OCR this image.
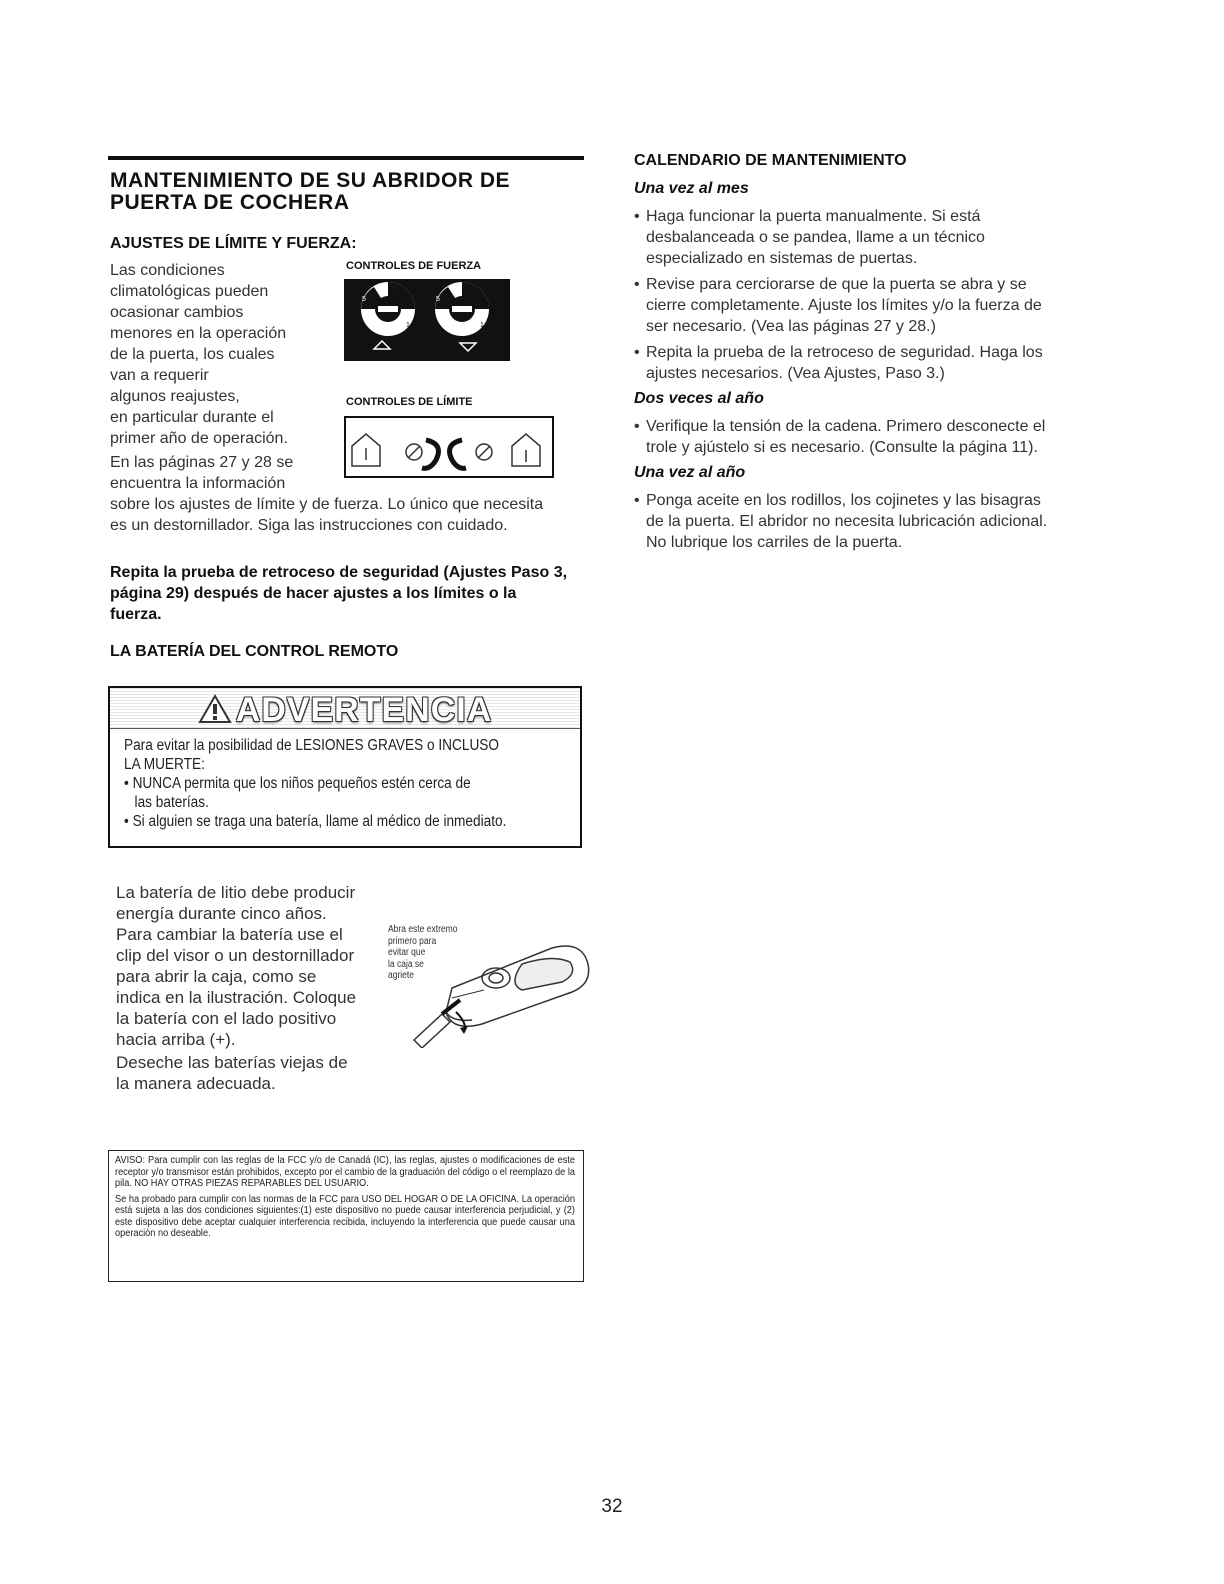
MANTENIMIENTO DE SU ABRIDOR DE PUERTA DE COCHERA
AJUSTES DE LÍMITE Y FUERZA:
Las condiciones
climatológicas pueden
ocasionar cambios
menores en la operación
de la puerta, los cuales
van a requerir
algunos reajustes,
en particular durante el
primer año de operación.
En las páginas 27 y 28 se
encuentra la información
sobre los ajustes de límite y de fuerza. Lo único que necesita es un destornillador. Siga las instrucciones con cuidado.
CONTROLES DE FUERZA
5
1
5
1
CONTROLES DE LÍMITE
Repita la prueba de retroceso de seguridad (Ajustes Paso 3, página 29) después de hacer ajustes a los límites o la fuerza.
LA BATERÍA DEL CONTROL REMOTO
ADVERTENCIA
Para evitar la posibilidad de LESIONES GRAVES o INCLUSO
LA MUERTE:
• NUNCA permita que los niños pequeños estén cerca de
las baterías.
• Si alguien se traga una batería, llame al médico de inmediato.
La batería de litio debe producir
energía durante cinco años.
Para cambiar la batería use el
clip del visor o un destornillador
para abrir la caja, como se
indica en la ilustración. Coloque
la batería con el lado positivo
hacia arriba (+).
Deseche las baterías viejas de
la manera adecuada.
Abra este extremo
primero para
evitar que
la caja se
agriete

AVISO: Para cumplir con las reglas de la FCC y/o de Canadá (IC), las reglas, ajustes o modificaciones de este receptor y/o transmisor están prohibidos, excepto por el cambio de la graduación del código o el reemplazo de la pila. NO HAY OTRAS PIEZAS REPARABLES DEL USUARIO.

Se ha probado para cumplir con las normas de la FCC para USO DEL HOGAR O DE LA OFICINA. La operación está sujeta a las dos condiciones siguientes:(1) este dispositivo no puede causar interferencia perjudicial, y (2) este dispositivo debe aceptar cualquier interferencia recibida, incluyendo la interferencia que puede causar una operación no deseable.

CALENDARIO DE MANTENIMIENTO
Una vez al mes
• Haga funcionar la puerta manualmente. Si está
desbalanceada o se pandea, llame a un técnico
especializado en sistemas de puertas.
• Revise para cerciorarse de que la puerta se abra y se
cierre completamente. Ajuste los límites y/o la fuerza de
ser necesario. (Vea las páginas 27 y 28.)
• Repita la prueba de la retroceso de seguridad. Haga los
ajustes necesarios. (Vea Ajustes, Paso 3.)
Dos veces al año
• Verifique la tensión de la cadena. Primero desconecte el
trole y ajústelo si es necesario. (Consulte la página 11).
Una vez al año
• Ponga aceite en los rodillos, los cojinetes y las bisagras
de la puerta. El abridor no necesita lubricación adicional.
No lubrique los carriles de la puerta.
32
